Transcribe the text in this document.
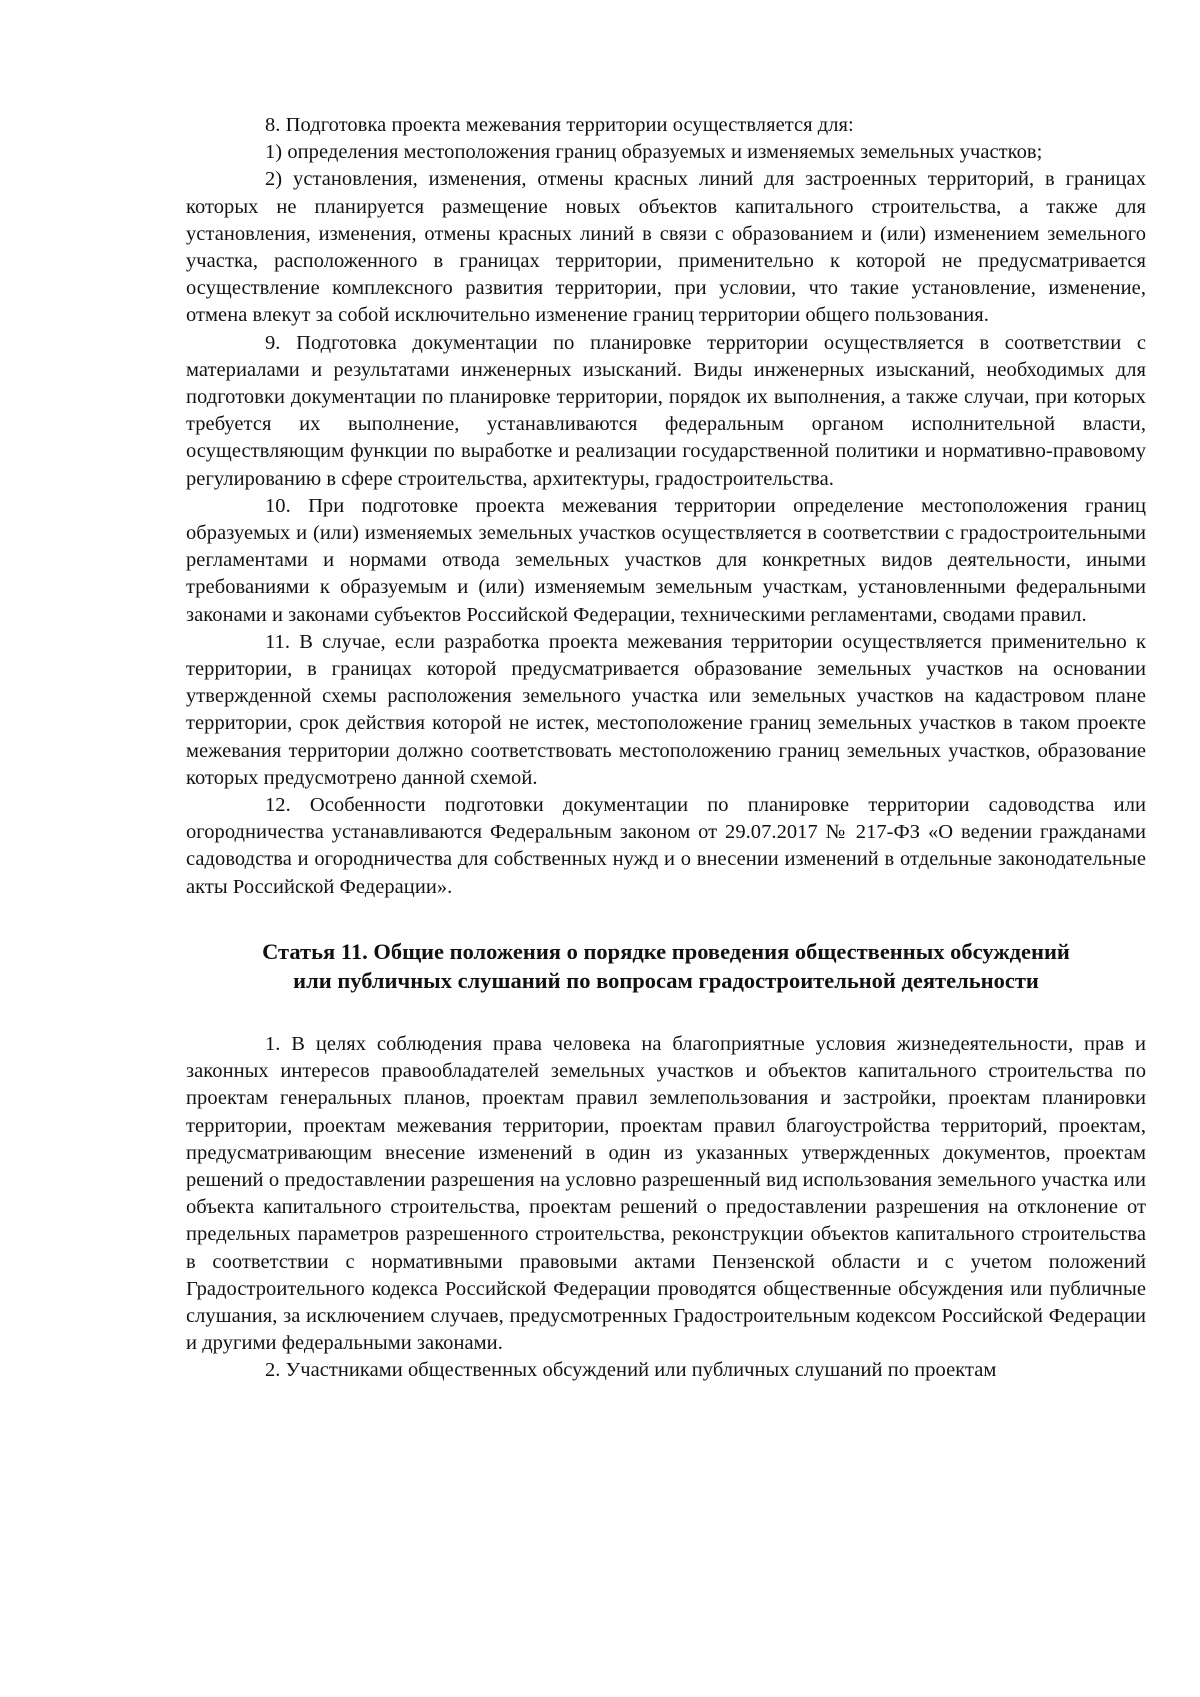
8. Подготовка проекта межевания территории осуществляется для:

1) определения местоположения границ образуемых и изменяемых земельных участков;

2) установления, изменения, отмены красных линий для застроенных территорий, в границах которых не планируется размещение новых объектов капитального строительства, а также для установления, изменения, отмены красных линий в связи с образованием и (или) изменением земельного участка, расположенного в границах территории, применительно к которой не предусматривается осуществление комплексного развития территории, при условии, что такие установление, изменение, отмена влекут за собой исключительно изменение границ территории общего пользования.

9. Подготовка документации по планировке территории осуществляется в соответствии с материалами и результатами инженерных изысканий. Виды инженерных изысканий, необходимых для подготовки документации по планировке территории, порядок их выполнения, а также случаи, при которых требуется их выполнение, устанавливаются федеральным органом исполнительной власти, осуществляющим функции по выработке и реализации государственной политики и нормативно-правовому регулированию в сфере строительства, архитектуры, градостроительства.

10. При подготовке проекта межевания территории определение местоположения границ образуемых и (или) изменяемых земельных участков осуществляется в соответствии с градостроительными регламентами и нормами отвода земельных участков для конкретных видов деятельности, иными требованиями к образуемым и (или) изменяемым земельным участкам, установленными федеральными законами и законами субъектов Российской Федерации, техническими регламентами, сводами правил.

11. В случае, если разработка проекта межевания территории осуществляется применительно к территории, в границах которой предусматривается образование земельных участков на основании утвержденной схемы расположения земельного участка или земельных участков на кадастровом плане территории, срок действия которой не истек, местоположение границ земельных участков в таком проекте межевания территории должно соответствовать местоположению границ земельных участков, образование которых предусмотрено данной схемой.

12. Особенности подготовки документации по планировке территории садоводства или огородничества устанавливаются Федеральным законом от 29.07.2017 № 217-ФЗ «О ведении гражданами садоводства и огородничества для собственных нужд и о внесении изменений в отдельные законодательные акты Российской Федерации».

Статья 11. Общие положения о порядке проведения общественных обсуждений
или публичных слушаний по вопросам градостроительной деятельности

1. В целях соблюдения права человека на благоприятные условия жизнедеятельности, прав и законных интересов правообладателей земельных участков и объектов капитального строительства по проектам генеральных планов, проектам правил землепользования и застройки, проектам планировки территории, проектам межевания территории, проектам правил благоустройства территорий, проектам, предусматривающим внесение изменений в один из указанных утвержденных документов, проектам решений о предоставлении разрешения на условно разрешенный вид использования земельного участка или объекта капитального строительства, проектам решений о предоставлении разрешения на отклонение от предельных параметров разрешенного строительства, реконструкции объектов капитального строительства в соответствии с нормативными правовыми актами Пензенской области и с учетом положений Градостроительного кодекса Российской Федерации проводятся общественные обсуждения или публичные слушания, за исключением случаев, предусмотренных Градостроительным кодексом Российской Федерации и другими федеральными законами.

2. Участниками общественных обсуждений или публичных слушаний по проектам
